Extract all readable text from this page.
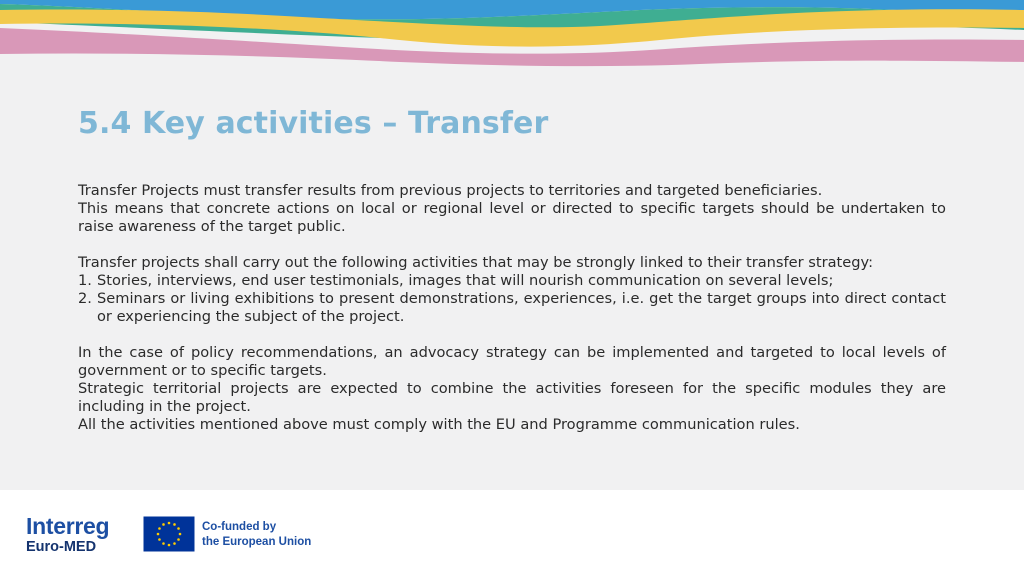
5.4 Key activities – Transfer

Transfer Projects must transfer results from previous projects to territories and targeted beneficiaries.

This means that concrete actions on local or regional level or directed to specific targets should be undertaken to raise awareness of the target public.

Transfer projects shall carry out the following activities that may be strongly linked to their transfer strategy:

1. Stories, interviews, end user testimonials, images that will nourish communication on several levels;
2. Seminars or living exhibitions to present demonstrations, experiences, i.e. get the target groups into direct contact or experiencing the subject of the project.

In the case of policy recommendations, an advocacy strategy can be implemented and targeted to local levels of government or to specific targets.

Strategic territorial projects are expected to combine the activities foreseen for the specific modules they are including in the project.

All the activities mentioned above must comply with the EU and Programme communication rules.

Interreg
Euro-MED
Co-funded by
the European Union
